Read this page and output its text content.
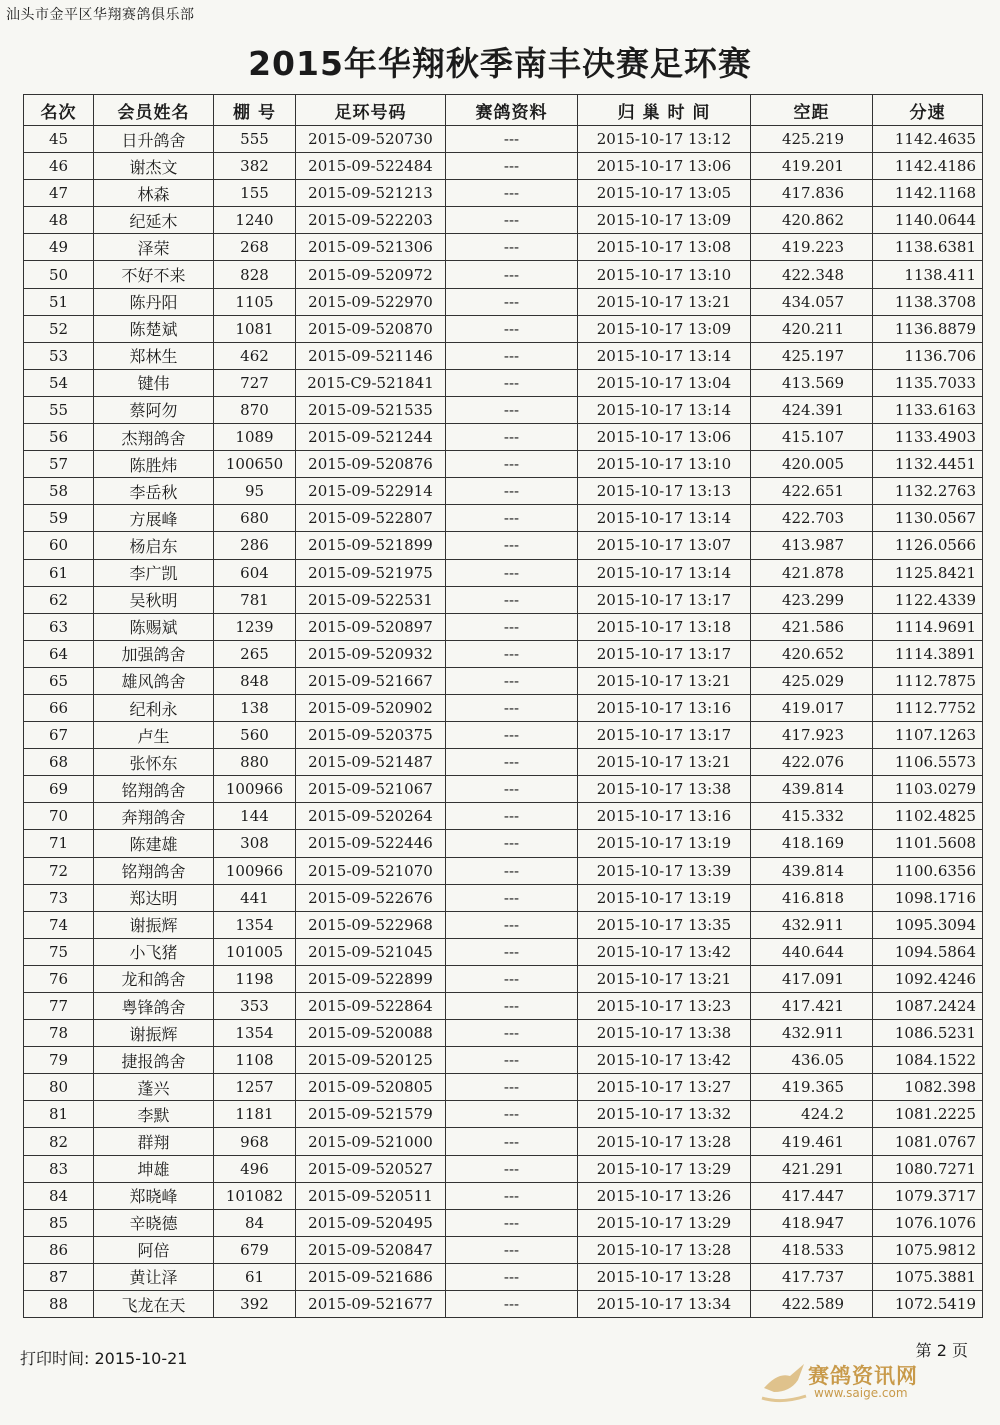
汕头市金平区华翔赛鸽俱乐部
2015年华翔秋季南丰决赛足环赛
名次	会员姓名	棚 号	足环号码	赛鸽资料	归 巢 时 间	空距	分速
45	日升鸽舍	555	2015-09-520730	---	2015-10-17 13:12	425.219	1142.4635
46	谢杰文	382	2015-09-522484	---	2015-10-17 13:06	419.201	1142.4186
47	林森	155	2015-09-521213	---	2015-10-17 13:05	417.836	1142.1168
48	纪延木	1240	2015-09-522203	---	2015-10-17 13:09	420.862	1140.0644
49	泽荣	268	2015-09-521306	---	2015-10-17 13:08	419.223	1138.6381
50	不好不来	828	2015-09-520972	---	2015-10-17 13:10	422.348	1138.411
51	陈丹阳	1105	2015-09-522970	---	2015-10-17 13:21	434.057	1138.3708
52	陈楚斌	1081	2015-09-520870	---	2015-10-17 13:09	420.211	1136.8879
53	郑林生	462	2015-09-521146	---	2015-10-17 13:14	425.197	1136.706
54	键伟	727	2015-C9-521841	---	2015-10-17 13:04	413.569	1135.7033
55	蔡阿勿	870	2015-09-521535	---	2015-10-17 13:14	424.391	1133.6163
56	杰翔鸽舍	1089	2015-09-521244	---	2015-10-17 13:06	415.107	1133.4903
57	陈胜炜	100650	2015-09-520876	---	2015-10-17 13:10	420.005	1132.4451
58	李岳秋	95	2015-09-522914	---	2015-10-17 13:13	422.651	1132.2763
59	方展峰	680	2015-09-522807	---	2015-10-17 13:14	422.703	1130.0567
60	杨启东	286	2015-09-521899	---	2015-10-17 13:07	413.987	1126.0566
61	李广凯	604	2015-09-521975	---	2015-10-17 13:14	421.878	1125.8421
62	吴秋明	781	2015-09-522531	---	2015-10-17 13:17	423.299	1122.4339
63	陈赐斌	1239	2015-09-520897	---	2015-10-17 13:18	421.586	1114.9691
64	加强鸽舍	265	2015-09-520932	---	2015-10-17 13:17	420.652	1114.3891
65	雄风鸽舍	848	2015-09-521667	---	2015-10-17 13:21	425.029	1112.7875
66	纪利永	138	2015-09-520902	---	2015-10-17 13:16	419.017	1112.7752
67	卢生	560	2015-09-520375	---	2015-10-17 13:17	417.923	1107.1263
68	张怀东	880	2015-09-521487	---	2015-10-17 13:21	422.076	1106.5573
69	铭翔鸽舍	100966	2015-09-521067	---	2015-10-17 13:38	439.814	1103.0279
70	奔翔鸽舍	144	2015-09-520264	---	2015-10-17 13:16	415.332	1102.4825
71	陈建雄	308	2015-09-522446	---	2015-10-17 13:19	418.169	1101.5608
72	铭翔鸽舍	100966	2015-09-521070	---	2015-10-17 13:39	439.814	1100.6356
73	郑达明	441	2015-09-522676	---	2015-10-17 13:19	416.818	1098.1716
74	谢振辉	1354	2015-09-522968	---	2015-10-17 13:35	432.911	1095.3094
75	小飞猪	101005	2015-09-521045	---	2015-10-17 13:42	440.644	1094.5864
76	龙和鸽舍	1198	2015-09-522899	---	2015-10-17 13:21	417.091	1092.4246
77	粤锋鸽舍	353	2015-09-522864	---	2015-10-17 13:23	417.421	1087.2424
78	谢振辉	1354	2015-09-520088	---	2015-10-17 13:38	432.911	1086.5231
79	捷报鸽舍	1108	2015-09-520125	---	2015-10-17 13:42	436.05	1084.1522
80	蓬兴	1257	2015-09-520805	---	2015-10-17 13:27	419.365	1082.398
81	李默	1181	2015-09-521579	---	2015-10-17 13:32	424.2	1081.2225
82	群翔	968	2015-09-521000	---	2015-10-17 13:28	419.461	1081.0767
83	坤雄	496	2015-09-520527	---	2015-10-17 13:29	421.291	1080.7271
84	郑晓峰	101082	2015-09-520511	---	2015-10-17 13:26	417.447	1079.3717
85	辛晓德	84	2015-09-520495	---	2015-10-17 13:29	418.947	1076.1076
86	阿倍	679	2015-09-520847	---	2015-10-17 13:28	418.533	1075.9812
87	黄让泽	61	2015-09-521686	---	2015-10-17 13:28	417.737	1075.3881
88	飞龙在天	392	2015-09-521677	---	2015-10-17 13:34	422.589	1072.5419
打印时间: 2015-10-21	第 2 页
赛鸽资讯网
www.saige.com
